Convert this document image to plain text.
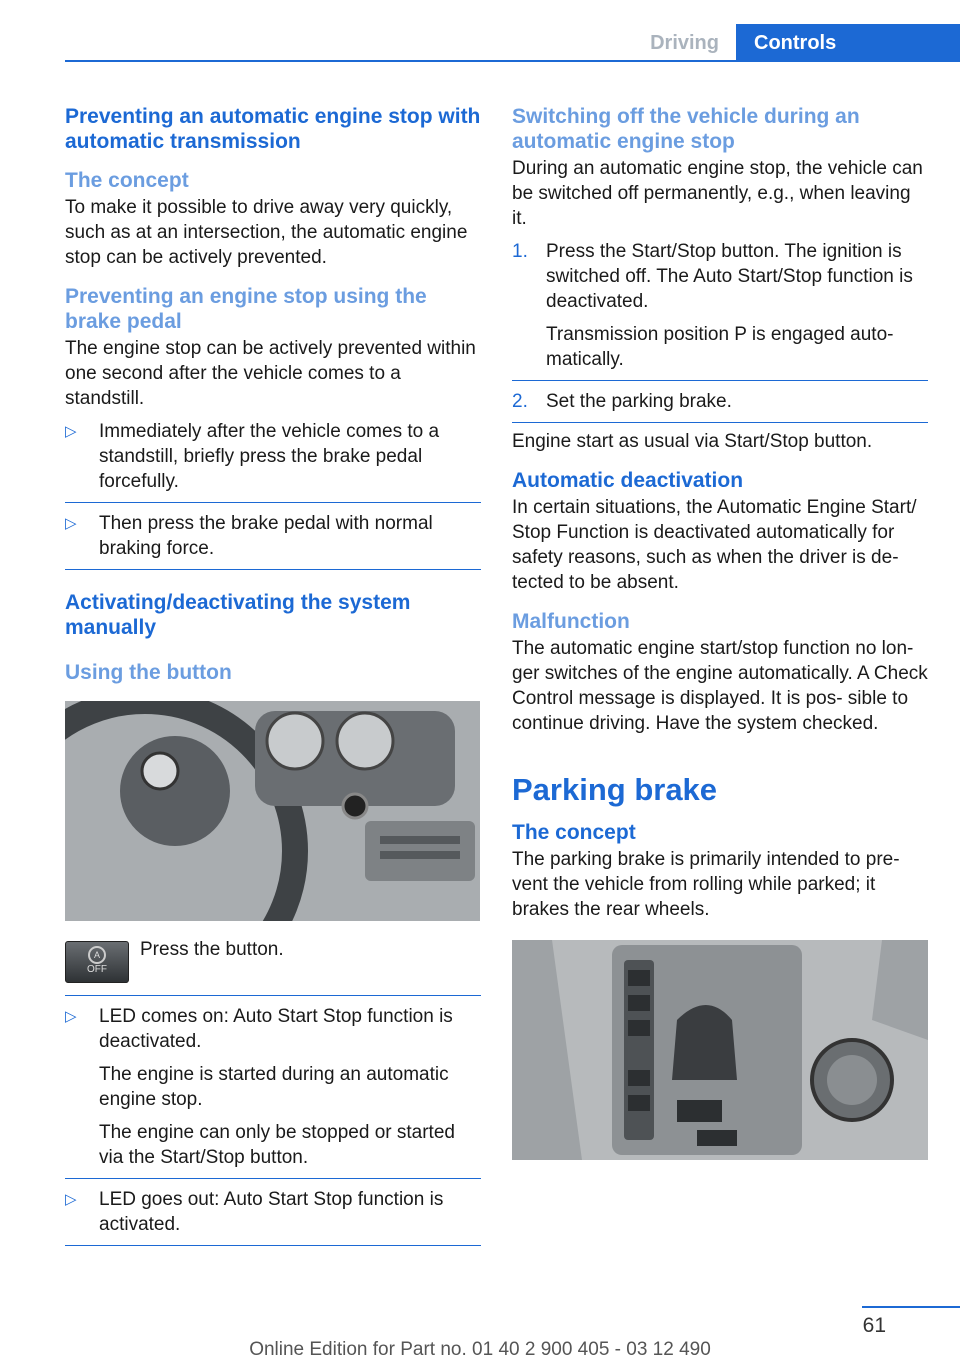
Driving	Controls
Preventing an automatic engine stop with automatic transmission
The concept

To make it possible to drive away very quickly, such as at an intersection, the automatic engine stop can be actively prevented.

Preventing an engine stop using the brake pedal

The engine stop can be actively prevented within one second after the vehicle comes to a standstill.

▷ Immediately after the vehicle comes to a standstill, briefly press the brake pedal forcefully.
▷ Then press the brake pedal with normal braking force.
Activating/deactivating the system manually
Using the button
A
OFF

Press the button.

▷ LED comes on: Auto Start Stop function is deactivated.

The engine is started during an automatic engine stop.

The engine can only be stopped or started via the Start/Stop button.

▷ LED goes out: Auto Start Stop function is activated.
Switching off the vehicle during an automatic engine stop

During an automatic engine stop, the vehicle can be switched off permanently, e.g., when leaving it.

1. Press the Start/Stop button. The ignition is switched off. The Auto Start/Stop function is deactivated.

Transmission position P is engaged auto‐ matically.

2. Set the parking brake.

Engine start as usual via Start/Stop button.

Automatic deactivation

In certain situations, the Automatic Engine Start/ Stop Function is deactivated automatically for safety reasons, such as when the driver is de‐ tected to be absent.

Malfunction

The automatic engine start/stop function no lon‐ ger switches of the engine automatically. A Check Control message is displayed. It is pos‐ sible to continue driving. Have the system checked.

Parking brake
The concept

The parking brake is primarily intended to pre‐ vent the vehicle from rolling while parked; it brakes the rear wheels.

61
Online Edition for Part no. 01 40 2 900 405 - 03 12 490
